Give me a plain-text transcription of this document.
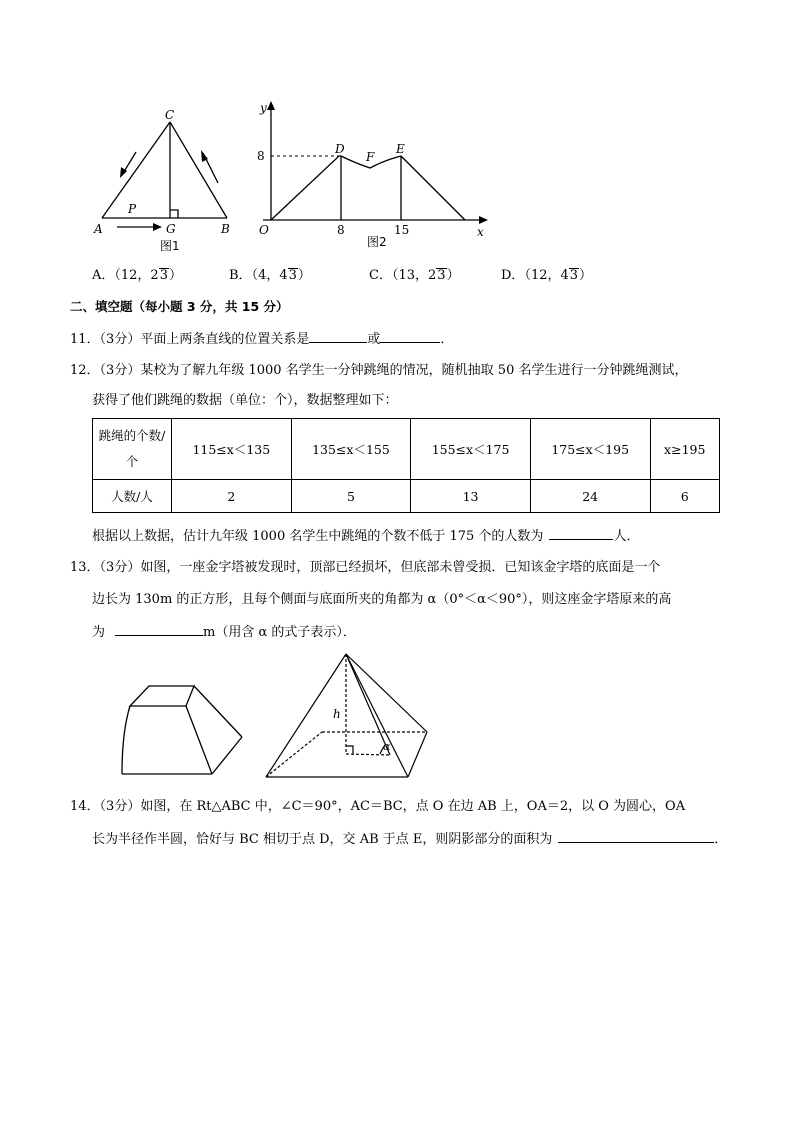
C
A	B
G
P
图1
y
x
O
8
8	15
D
F
E
图2
A．（12，23）	B．（4，43）	C．（13，23）	D．（12，43）
二、填空题（每小题 3 分，共 15 分）
11．（3分）平面上两条直线的位置关系是	或	．
12．（3分）某校为了解九年级 1000 名学生一分钟跳绳的情况，随机抽取 50 名学生进行一分钟跳绳测试，
获得了他们跳绳的数据（单位：个），数据整理如下：
跳绳的个数/个	115≤x＜135	135≤x＜155	155≤x＜175	175≤x＜195	x≥195
人数/人	2	5	13	24	6
根据以上数据，估计九年级 1000 名学生中跳绳的个数不低于 175 个的人数为	人．
13．（3分）如图，一座金字塔被发现时，顶部已经损坏，但底部未曾受损．已知该金字塔的底面是一个
边长为 130m 的正方形，且每个侧面与底面所夹的角都为 α（0°＜α＜90°），则这座金字塔原来的高
为	m（用含 α 的式子表示）．
h
α
14．（3分）如图，在 Rt△ABC 中，∠C＝90°，AC＝BC，点 O 在边 AB 上，OA＝2，以 O 为圆心，OA
长为半径作半圆，恰好与 BC 相切于点 D，交 AB 于点 E，则阴影部分的面积为	．
